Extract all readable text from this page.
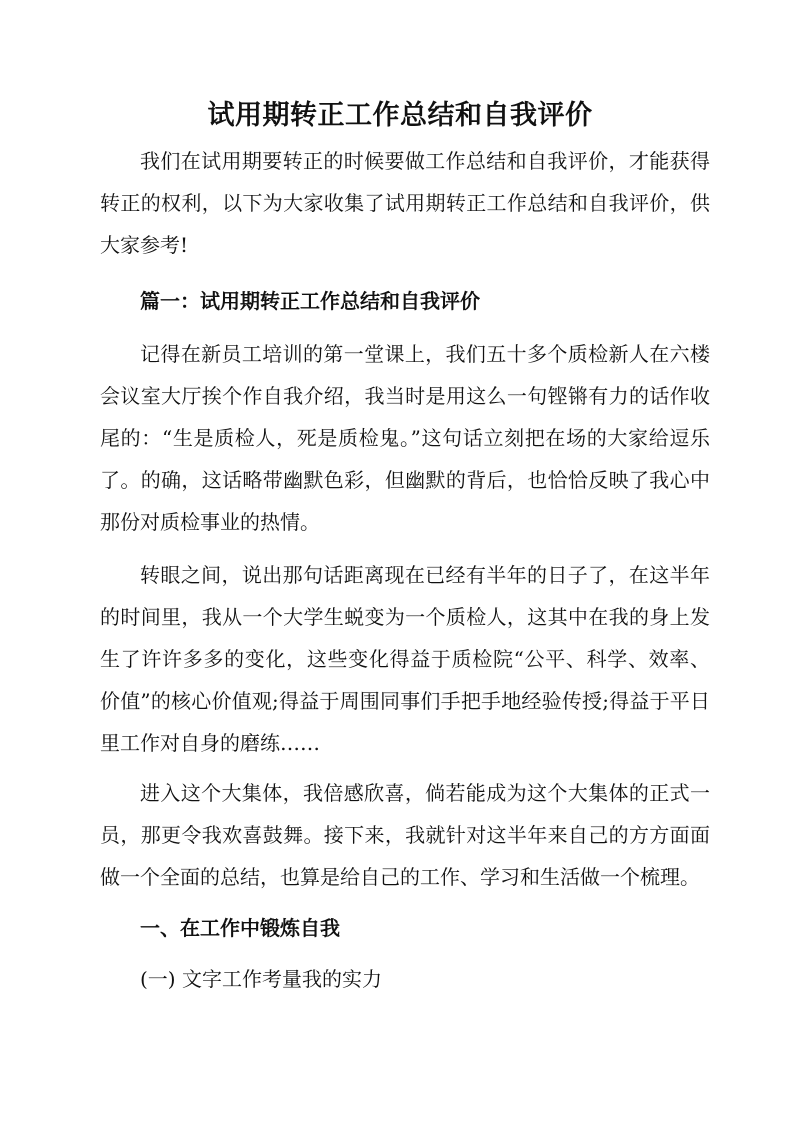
试用期转正工作总结和自我评价

我们在试用期要转正的时候要做工作总结和自我评价，才能获得转正的权利，以下为大家收集了试用期转正工作总结和自我评价，供大家参考!

篇一：试用期转正工作总结和自我评价

记得在新员工培训的第一堂课上，我们五十多个质检新人在六楼会议室大厅挨个作自我介绍，我当时是用这么一句铿锵有力的话作收尾的：“生是质检人，死是质检鬼。”这句话立刻把在场的大家给逗乐了。的确，这话略带幽默色彩，但幽默的背后，也恰恰反映了我心中那份对质检事业的热情。

转眼之间，说出那句话距离现在已经有半年的日子了，在这半年的时间里，我从一个大学生蜕变为一个质检人，这其中在我的身上发生了许许多多的变化，这些变化得益于质检院“公平、科学、效率、价值”的核心价值观;得益于周围同事们手把手地经验传授;得益于平日里工作对自身的磨练……

进入这个大集体，我倍感欣喜，倘若能成为这个大集体的正式一员，那更令我欢喜鼓舞。接下来，我就针对这半年来自己的方方面面做一个全面的总结，也算是给自己的工作、学习和生活做一个梳理。

一、在工作中锻炼自我

(一) 文字工作考量我的实力
